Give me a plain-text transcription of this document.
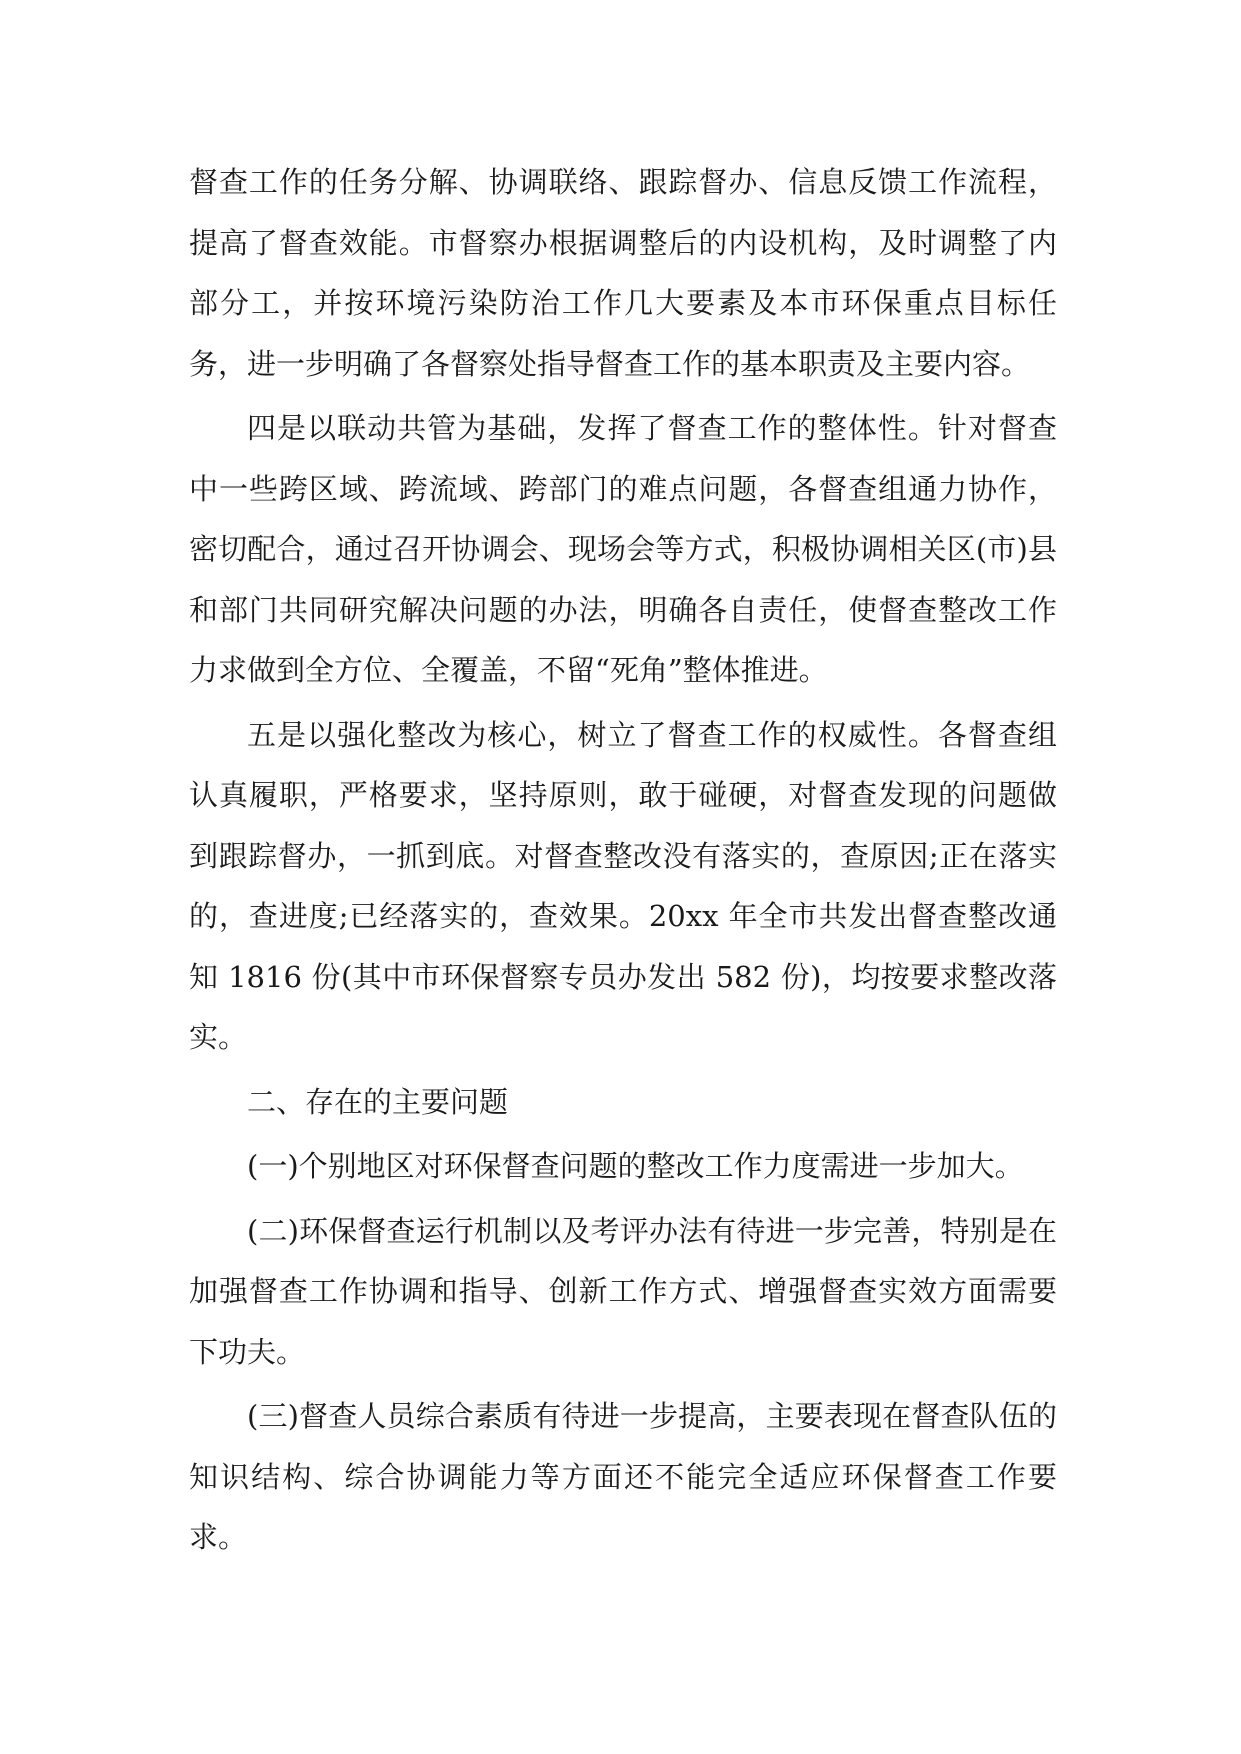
督查工作的任务分解、协调联络、跟踪督办、信息反馈工作流程，提高了督查效能。市督察办根据调整后的内设机构，及时调整了内部分工，并按环境污染防治工作几大要素及本市环保重点目标任务，进一步明确了各督察处指导督查工作的基本职责及主要内容。

四是以联动共管为基础，发挥了督查工作的整体性。针对督查中一些跨区域、跨流域、跨部门的难点问题，各督查组通力协作，密切配合，通过召开协调会、现场会等方式，积极协调相关区(市)县和部门共同研究解决问题的办法，明确各自责任，使督查整改工作力求做到全方位、全覆盖，不留“死角”整体推进。

五是以强化整改为核心，树立了督查工作的权威性。各督查组认真履职，严格要求，坚持原则，敢于碰硬，对督查发现的问题做到跟踪督办，一抓到底。对督查整改没有落实的，查原因;正在落实的，查进度;已经落实的，查效果。20xx 年全市共发出督查整改通知 1816 份(其中市环保督察专员办发出 582 份)，均按要求整改落实。

二、存在的主要问题

(一)个别地区对环保督查问题的整改工作力度需进一步加大。

(二)环保督查运行机制以及考评办法有待进一步完善，特别是在加强督查工作协调和指导、创新工作方式、增强督查实效方面需要下功夫。

(三)督查人员综合素质有待进一步提高，主要表现在督查队伍的知识结构、综合协调能力等方面还不能完全适应环保督查工作要求。
